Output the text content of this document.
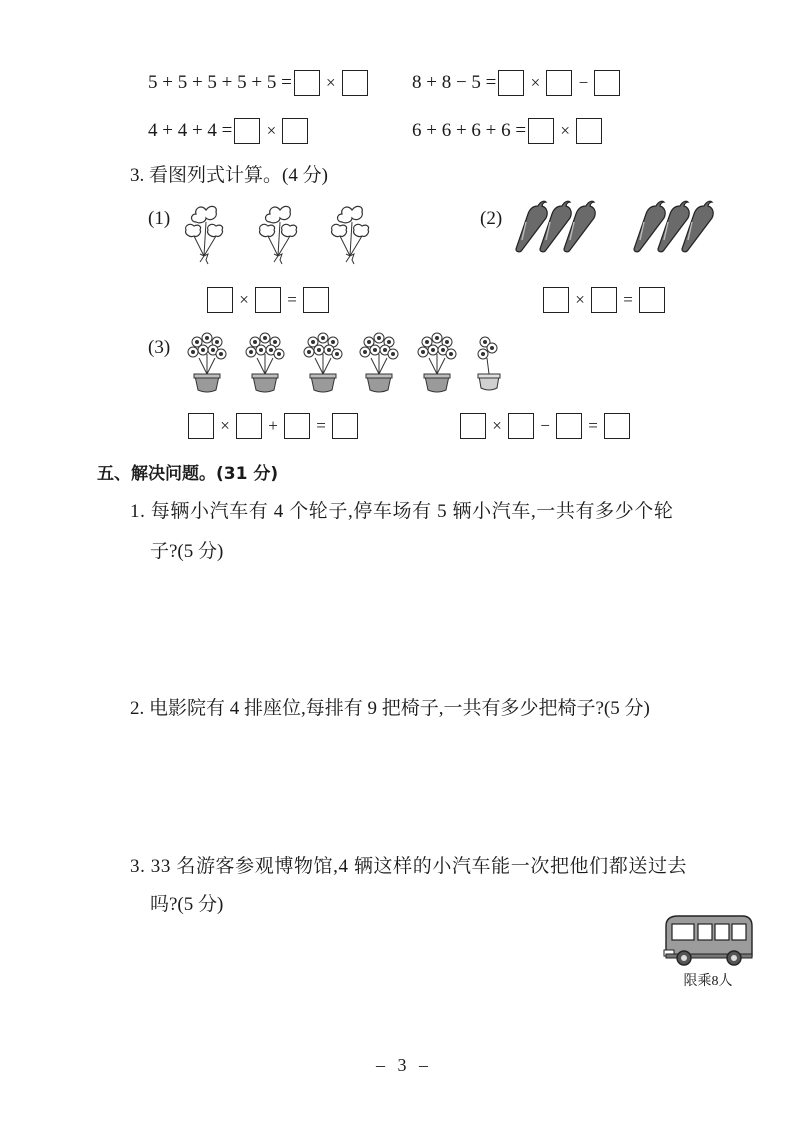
5 + 5 + 5 + 5 + 5 =	×	8 + 8 − 5 =	×	−
4 + 4 + 4 =	×	6 + 6 + 6 + 6 =	×
3. 看图列式计算。(4 分)
(1)	(2)
×	=	×	=
(3)
×	+	=	×	−	=
五、解决问题。(31 分)
1. 每辆小汽车有 4 个轮子,停车场有 5 辆小汽车,一共有多少个轮
子?(5 分)
2. 电影院有 4 排座位,每排有 9 把椅子,一共有多少把椅子?(5 分)
3. 33 名游客参观博物馆,4 辆这样的小汽车能一次把他们都送过去
吗?(5 分)
限乘8人
– 3 –
